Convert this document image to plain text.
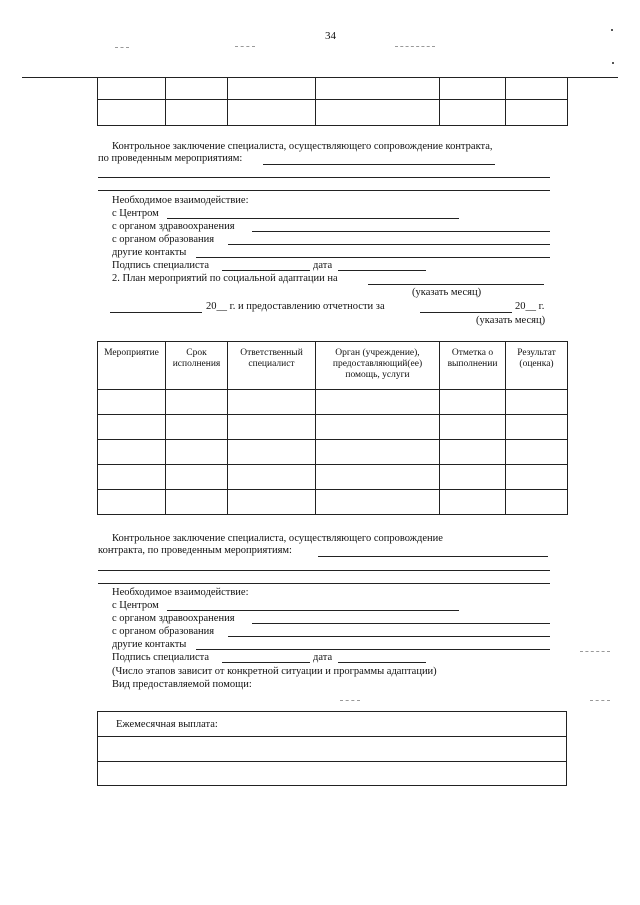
34

Контрольное заключение специалиста, осуществляющего сопровождение контракта,
по проведенным мероприятиям:
Необходимое взаимодействие:
с Центром
с органом здравоохранения
с органом образования
другие контакты
Подпись специалиста	дата
2. План мероприятий по социальной адаптации на
(указать месяц)
20__ г. и предоставлению отчетности за	20__ г.
(указать месяц)
Мероприятие	Срок исполнения	Ответственный специалист	Орган (учреждение), предоставляющий(ее) помощь, услуги	Отметка о выполнении	Результат (оценка)

Контрольное заключение специалиста, осуществляющего сопровождение
контракта, по проведенным мероприятиям:
Необходимое взаимодействие:
с Центром
с органом здравоохранения
с органом образования
другие контакты
Подпись специалиста	дата
(Число этапов зависит от конкретной ситуации и программы адаптации)
Вид предоставляемой помощи:
Ежемесячная выплата:
